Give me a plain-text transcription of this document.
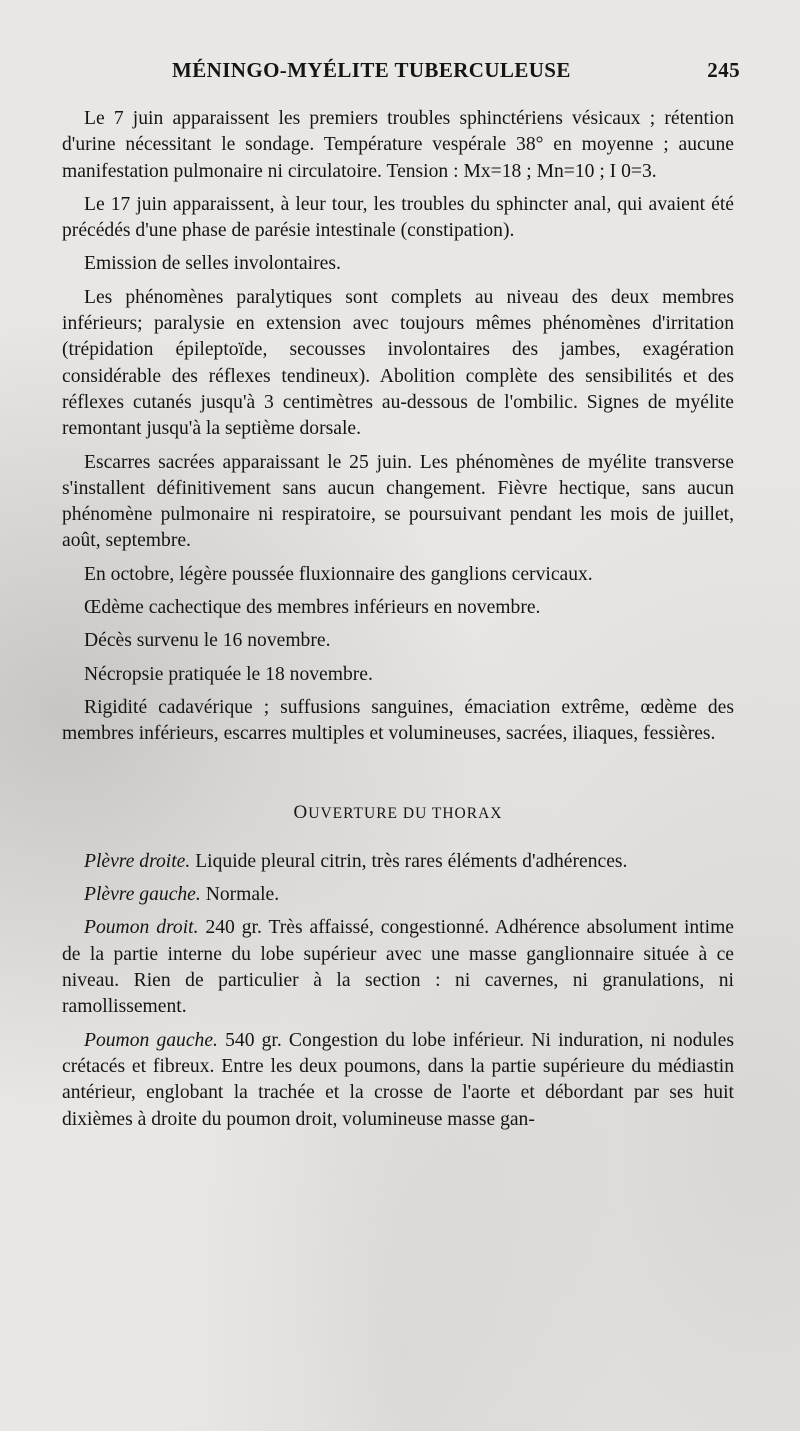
MÉNINGO-MYÉLITE TUBERCULEUSE	245

Le 7 juin apparaissent les premiers troubles sphinctériens vésicaux ; rétention d'urine nécessitant le sondage. Température vespérale 38° en moyenne ; aucune manifestation pulmonaire ni circulatoire. Tension : Mx=18 ; Mn=10 ; I 0=3.

Le 17 juin apparaissent, à leur tour, les troubles du sphincter anal, qui avaient été précédés d'une phase de parésie intestinale (constipation).

Emission de selles involontaires.

Les phénomènes paralytiques sont complets au niveau des deux membres inférieurs; paralysie en extension avec toujours mêmes phénomènes d'irritation (trépidation épileptoïde, secousses involontaires des jambes, exagération considérable des réflexes tendineux). Abolition complète des sensibilités et des réflexes cutanés jusqu'à 3 centimètres au-dessous de l'ombilic. Signes de myélite remontant jusqu'à la septième dorsale.

Escarres sacrées apparaissant le 25 juin. Les phénomènes de myélite transverse s'installent définitivement sans aucun changement. Fièvre hectique, sans aucun phénomène pulmonaire ni respiratoire, se poursuivant pendant les mois de juillet, août, septembre.

En octobre, légère poussée fluxionnaire des ganglions cervicaux.

Œdème cachectique des membres inférieurs en novembre.

Décès survenu le 16 novembre.

Nécropsie pratiquée le 18 novembre.

Rigidité cadavérique ; suffusions sanguines, émaciation extrême, œdème des membres inférieurs, escarres multiples et volumineuses, sacrées, iliaques, fessières.

OUVERTURE DU THORAX

Plèvre droite. Liquide pleural citrin, très rares éléments d'adhérences.

Plèvre gauche. Normale.

Poumon droit. 240 gr. Très affaissé, congestionné. Adhérence absolument intime de la partie interne du lobe supérieur avec une masse ganglionnaire située à ce niveau. Rien de particulier à la section : ni cavernes, ni granulations, ni ramollissement.

Poumon gauche. 540 gr. Congestion du lobe inférieur. Ni induration, ni nodules crétacés et fibreux. Entre les deux poumons, dans la partie supérieure du médiastin antérieur, englobant la trachée et la crosse de l'aorte et débordant par ses huit dixièmes à droite du poumon droit, volumineuse masse gan-
